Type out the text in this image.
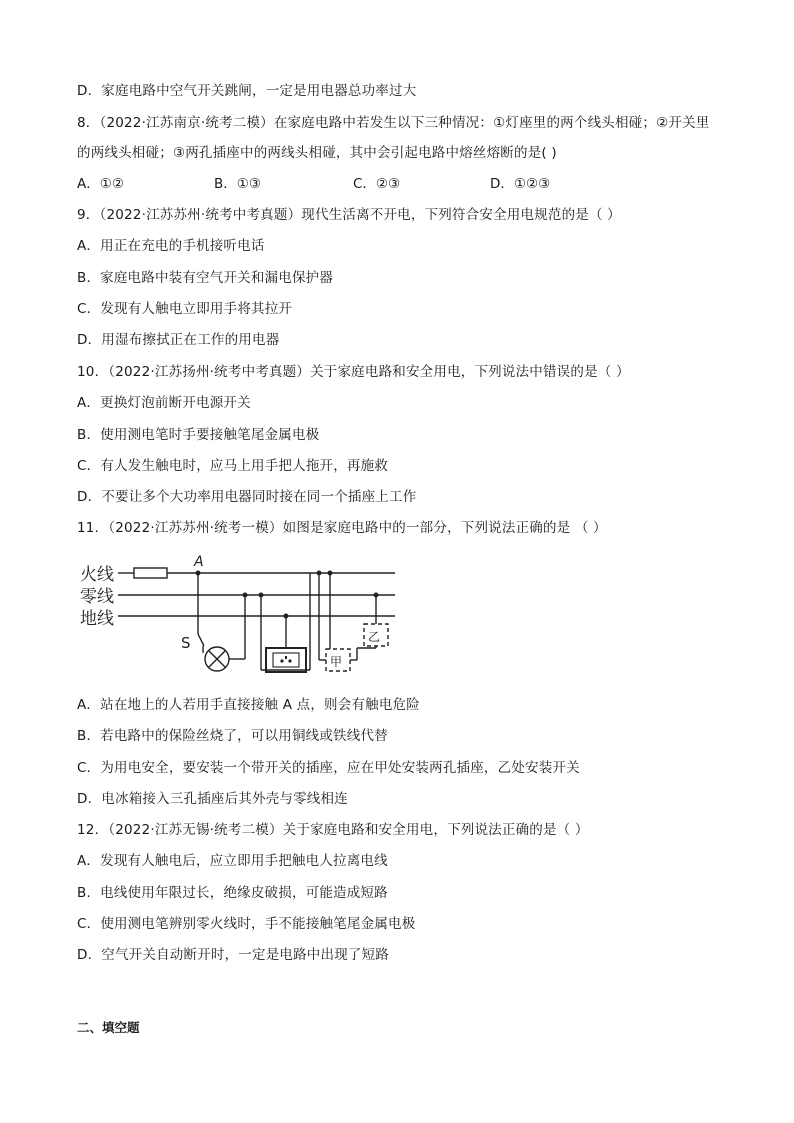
D．家庭电路中空气开关跳闸，一定是用电器总功率过大
8．（2022·江苏南京·统考二模）在家庭电路中若发生以下三种情况：①灯座里的两个线头相碰；②开关里
的两线头相碰；③两孔插座中的两线头相碰，其中会引起电路中熔丝熔断的是( )
A．①②	B．①③	C．②③	D．①②③
9．（2022·江苏苏州·统考中考真题）现代生活离不开电，下列符合安全用电规范的是（ ）
A．用正在充电的手机接听电话
B．家庭电路中装有空气开关和漏电保护器
C．发现有人触电立即用手将其拉开
D．用湿布擦拭正在工作的用电器
10．（2022·江苏扬州·统考中考真题）关于家庭电路和安全用电，下列说法中错误的是（ ）
A．更换灯泡前断开电源开关
B．使用测电笔时手要接触笔尾金属电极
C．有人发生触电时，应马上用手把人拖开，再施救
D．不要让多个大功率用电器同时接在同一个插座上工作
11．（2022·江苏苏州·统考一模）如图是家庭电路中的一部分，下列说法正确的是 （ ）
火线
零线
地线
A
S
甲
乙
A．站在地上的人若用手直接接触 A 点，则会有触电危险
B．若电路中的保险丝烧了，可以用铜线或铁线代替
C．为用电安全，要安装一个带开关的插座，应在甲处安装两孔插座，乙处安装开关
D．电冰箱接入三孔插座后其外壳与零线相连
12．（2022·江苏无锡·统考二模）关于家庭电路和安全用电，下列说法正确的是（ ）
A．发现有人触电后，应立即用手把触电人拉离电线
B．电线使用年限过长，绝缘皮破损，可能造成短路
C．使用测电笔辨别零火线时，手不能接触笔尾金属电极
D．空气开关自动断开时，一定是电路中出现了短路
二、填空题
